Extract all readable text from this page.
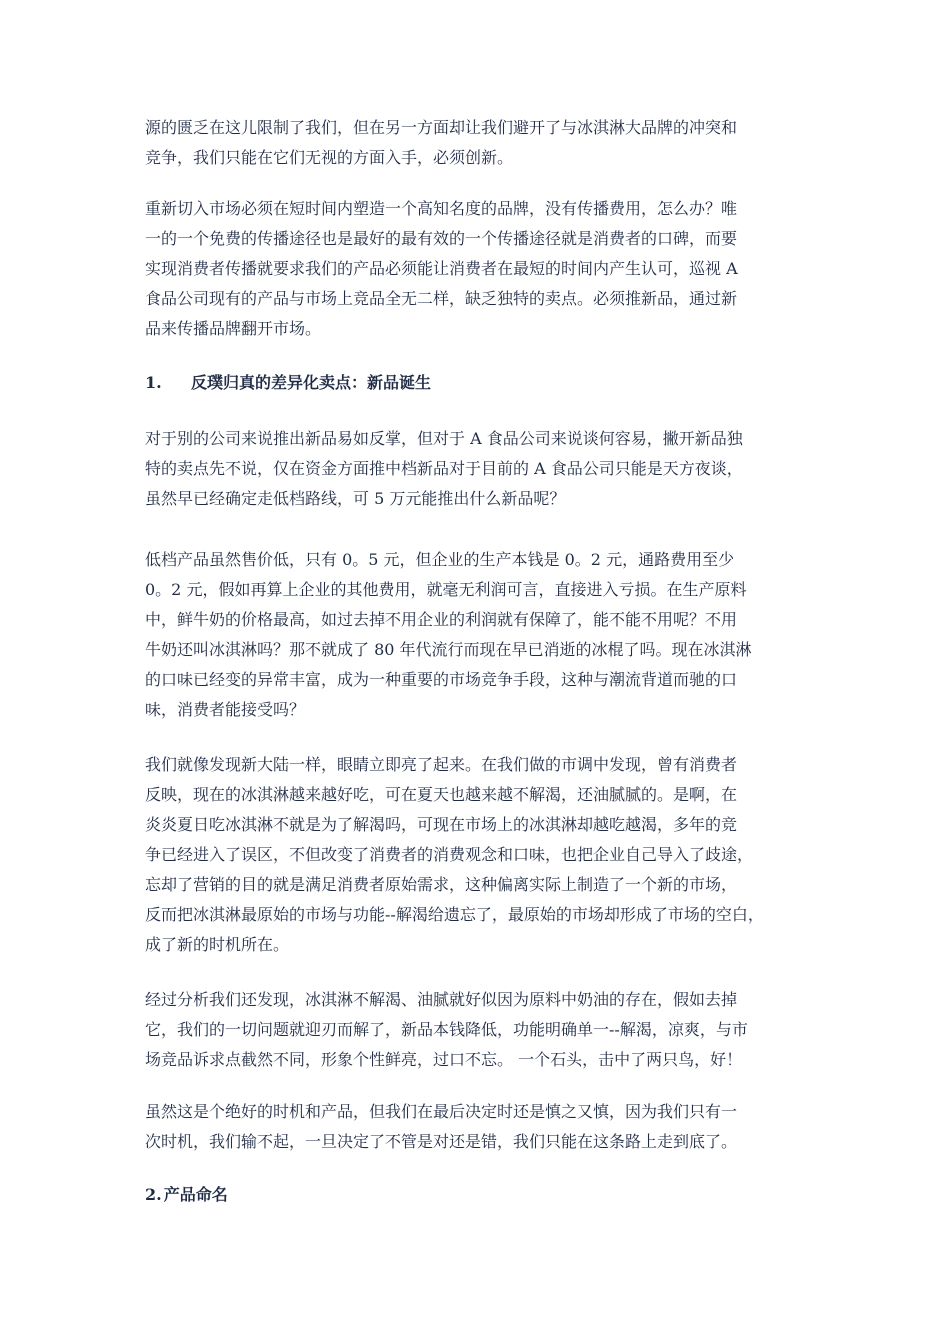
源的匮乏在这儿限制了我们，但在另一方面却让我们避开了与冰淇淋大品牌的冲突和
竞争，我们只能在它们无视的方面入手，必须创新。

重新切入市场必须在短时间内塑造一个高知名度的品牌，没有传播费用，怎么办？唯
一的一个免费的传播途径也是最好的最有效的一个传播途径就是消费者的口碑，而要
实现消费者传播就要求我们的产品必须能让消费者在最短的时间内产生认可，巡视 A
食品公司现有的产品与市场上竞品全无二样，缺乏独特的卖点。必须推新品，通过新
品来传播品牌翻开市场。

1. 反璞归真的差异化卖点：新品诞生

对于别的公司来说推出新品易如反掌，但对于 A 食品公司来说谈何容易，撇开新品独
特的卖点先不说，仅在资金方面推中档新品对于目前的 A 食品公司只能是天方夜谈，
虽然早已经确定走低档路线，可 5 万元能推出什么新品呢？

低档产品虽然售价低，只有 0。5 元，但企业的生产本钱是 0。2 元，通路费用至少
0。2 元，假如再算上企业的其他费用，就毫无利润可言，直接进入亏损。在生产原料
中，鲜牛奶的价格最高，如过去掉不用企业的利润就有保障了，能不能不用呢？不用
牛奶还叫冰淇淋吗？那不就成了 80 年代流行而现在早已消逝的冰棍了吗。现在冰淇淋
的口味已经变的异常丰富，成为一种重要的市场竞争手段，这种与潮流背道而驰的口
味，消费者能接受吗？

我们就像发现新大陆一样，眼睛立即亮了起来。在我们做的市调中发现，曾有消费者
反映，现在的冰淇淋越来越好吃，可在夏天也越来越不解渴，还油腻腻的。是啊，在
炎炎夏日吃冰淇淋不就是为了解渴吗，可现在市场上的冰淇淋却越吃越渴，多年的竞
争已经进入了误区，不但改变了消费者的消费观念和口味，也把企业自己导入了歧途，
忘却了营销的目的就是满足消费者原始需求，这种偏离实际上制造了一个新的市场，
反而把冰淇淋最原始的市场与功能--解渴给遗忘了，最原始的市场却形成了市场的空白，
成了新的时机所在。

经过分析我们还发现，冰淇淋不解渴、油腻就好似因为原料中奶油的存在，假如去掉
它，我们的一切问题就迎刃而解了，新品本钱降低，功能明确单一--解渴，凉爽，与市
场竞品诉求点截然不同，形象个性鲜亮，过口不忘。 一个石头，击中了两只鸟，好！

虽然这是个绝好的时机和产品，但我们在最后决定时还是慎之又慎，因为我们只有一
次时机，我们输不起，一旦决定了不管是对还是错，我们只能在这条路上走到底了。

2. 产品命名
